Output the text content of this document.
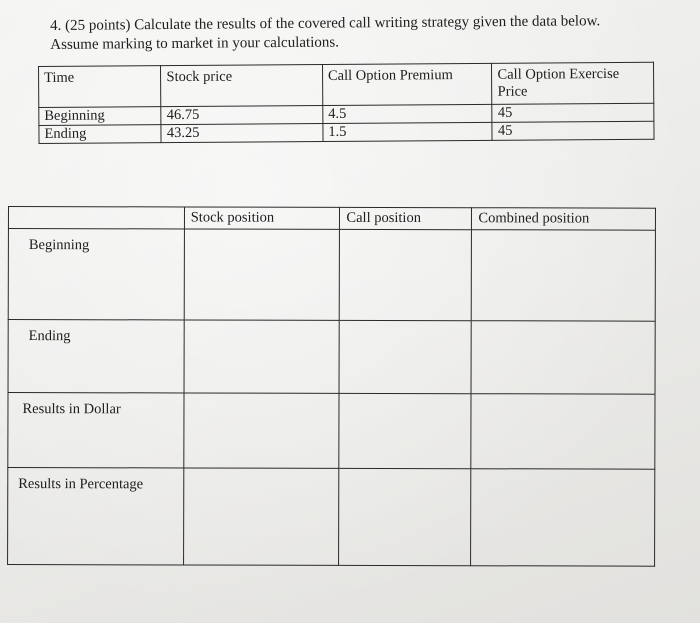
4. (25 points) Calculate the results of the covered call writing strategy given the data below.
Assume marking to market in your calculations.
Time	Stock price	Call Option Premium	Call Option Exercise Price
Beginning	46.75	4.5	45
Ending	43.25	1.5	45
	Stock position	Call position	Combined position

Beginning			

Ending			

Results in Dollar			

Results in Percentage			
